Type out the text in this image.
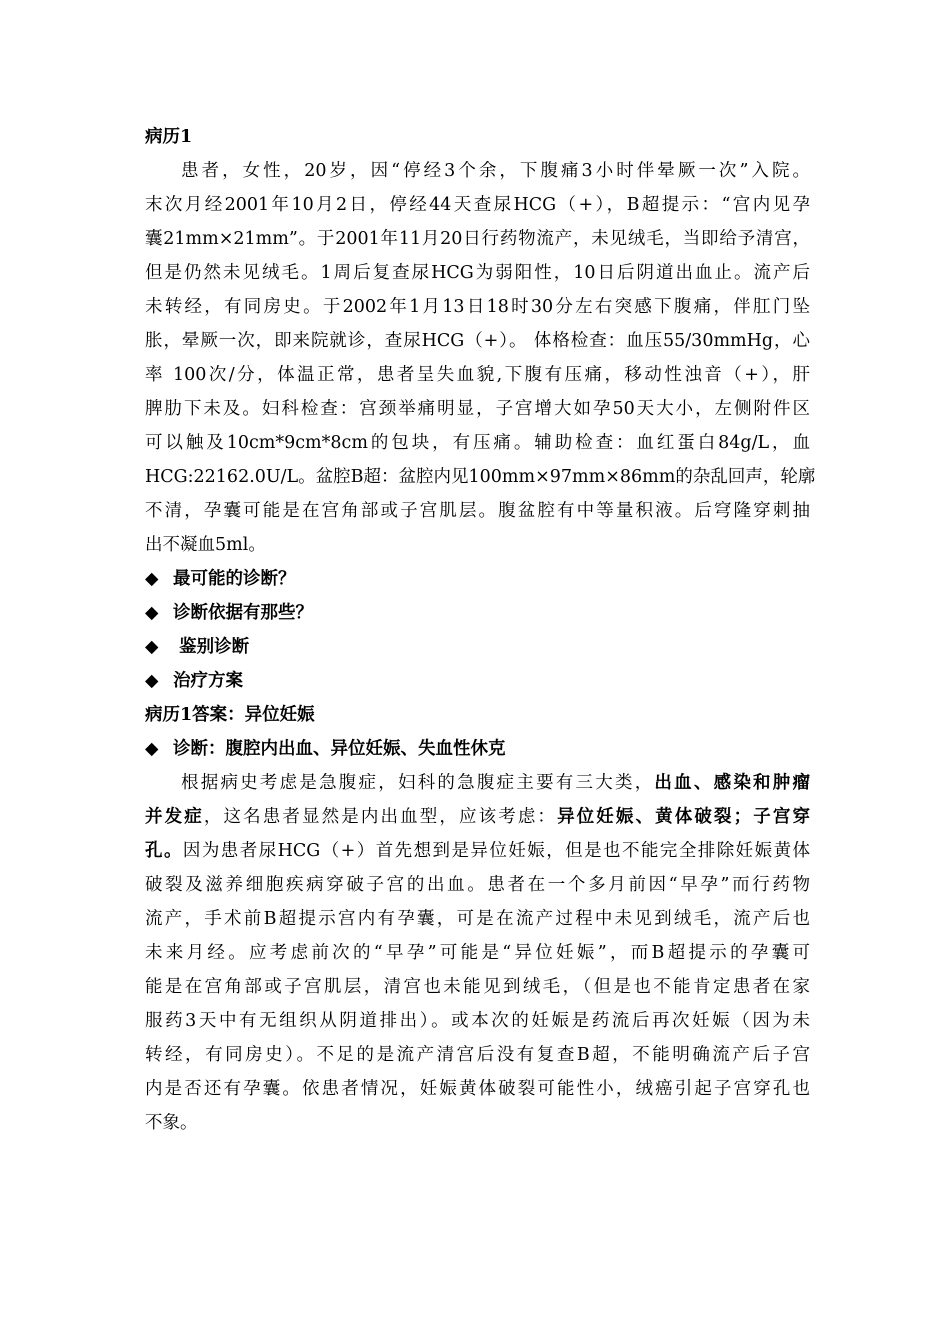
病历1
患者，女性，20岁，因“停经3个余，下腹痛3小时伴晕厥一次”入院。
末次月经2001年10月2日，停经44天查尿HCG（+），B超提示：“宫内见孕
囊21mm×21mm”。于2001年11月20日行药物流产，未见绒毛，当即给予清宫，
但是仍然未见绒毛。1周后复查尿HCG为弱阳性，10日后阴道出血止。流产后
未转经，有同房史。于2002年1月13日18时30分左右突感下腹痛，伴肛门坠
胀，晕厥一次，即来院就诊，查尿HCG（+）。 体格检查：血压55/30mmHg，心
率 100次/分，体温正常，患者呈失血貌,下腹有压痛，移动性浊音（+），肝
脾肋下未及。妇科检查：宫颈举痛明显，子宫增大如孕50天大小，左侧附件区
可以触及10cm*9cm*8cm的包块，有压痛。辅助检查：血红蛋白84g/L，血
HCG:22162.0U/L。盆腔B超：盆腔内见100mm×97mm×86mm的杂乱回声，轮廓
不清，孕囊可能是在宫角部或子宫肌层。腹盆腔有中等量积液。后穹隆穿刺抽
出不凝血5ml。
◆ 最可能的诊断？
◆ 诊断依据有那些？
◆ 鉴别诊断
◆ 治疗方案
病历1答案：异位妊娠
◆ 诊断：腹腔内出血、异位妊娠、失血性休克
根据病史考虑是急腹症，妇科的急腹症主要有三大类，出血、感染和肿瘤
并发症，这名患者显然是内出血型，应该考虑：异位妊娠、黄体破裂；子宫穿
孔。因为患者尿HCG（+）首先想到是异位妊娠，但是也不能完全排除妊娠黄体
破裂及滋养细胞疾病穿破子宫的出血。患者在一个多月前因“早孕”而行药物
流产，手术前B超提示宫内有孕囊，可是在流产过程中未见到绒毛，流产后也
未来月经。应考虑前次的“早孕”可能是“异位妊娠”，而B超提示的孕囊可
能是在宫角部或子宫肌层，清宫也未能见到绒毛，（但是也不能肯定患者在家
服药3天中有无组织从阴道排出）。或本次的妊娠是药流后再次妊娠（因为未
转经，有同房史）。不足的是流产清宫后没有复查B超，不能明确流产后子宫
内是否还有孕囊。依患者情况，妊娠黄体破裂可能性小，绒癌引起子宫穿孔也
不象。
